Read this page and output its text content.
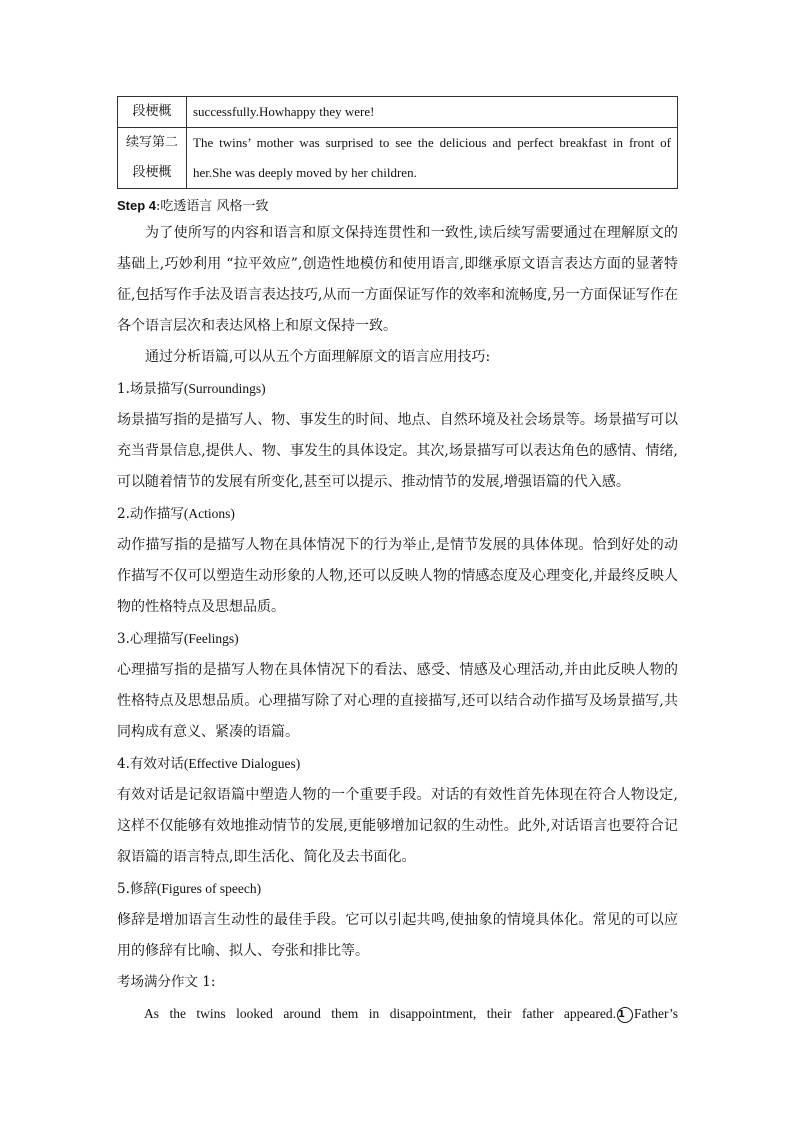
段梗概	successfully.Howhappy they were!
续写第二段梗概	The twins’ mother was surprised to see the delicious and perfect breakfast in front of her.She was deeply moved by her children.

Step 4:吃透语言 风格一致

为了使所写的内容和语言和原文保持连贯性和一致性,读后续写需要通过在理解原文的基础上,巧妙利用 “拉平效应”,创造性地模仿和使用语言,即继承原文语言表达方面的显著特征,包括写作手法及语言表达技巧,从而一方面保证写作的效率和流畅度,另一方面保证写作在各个语言层次和表达风格上和原文保持一致。

通过分析语篇,可以从五个方面理解原文的语言应用技巧:

1.场景描写(Surroundings)

场景描写指的是描写人、物、事发生的时间、地点、自然环境及社会场景等。场景描写可以充当背景信息,提供人、物、事发生的具体设定。其次,场景描写可以表达角色的感情、情绪,可以随着情节的发展有所变化,甚至可以提示、推动情节的发展,增强语篇的代入感。

2.动作描写(Actions)

动作描写指的是描写人物在具体情况下的行为举止,是情节发展的具体体现。恰到好处的动作描写不仅可以塑造生动形象的人物,还可以反映人物的情感态度及心理变化,并最终反映人物的性格特点及思想品质。

3.心理描写(Feelings)

心理描写指的是描写人物在具体情况下的看法、感受、情感及心理活动,并由此反映人物的性格特点及思想品质。心理描写除了对心理的直接描写,还可以结合动作描写及场景描写,共同构成有意义、紧凑的语篇。

4.有效对话(Effective Dialogues)

有效对话是记叙语篇中塑造人物的一个重要手段。对话的有效性首先体现在符合人物设定,这样不仅能够有效地推动情节的发展,更能够增加记叙的生动性。此外,对话语言也要符合记叙语篇的语言特点,即生活化、简化及去书面化。

5.修辞(Figures of speech)

修辞是增加语言生动性的最佳手段。它可以引起共鸣,使抽象的情境具体化。常见的可以应用的修辞有比喻、拟人、夸张和排比等。

考场满分作文 1:

As the twins looked around them in disappointment, their father appeared. 1 Father’s
